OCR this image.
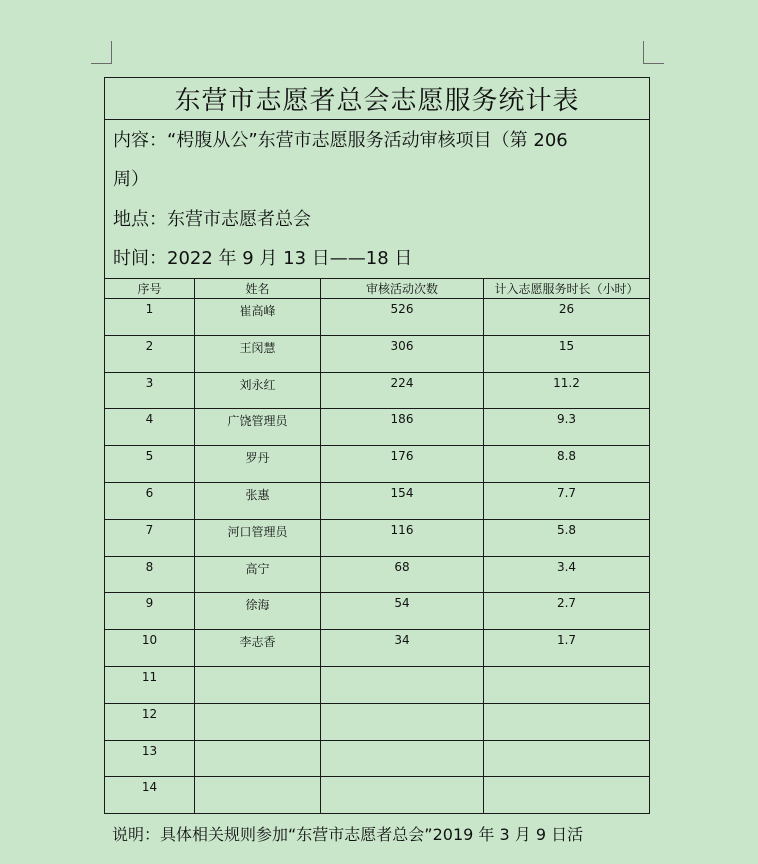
东营市志愿者总会志愿服务统计表
内容：“枵腹从公”东营市志愿服务活动审核项目（第 206
周）
地点：东营市志愿者总会
时间：2022 年 9 月 13 日——18 日
序号	姓名	审核活动次数	计入志愿服务时长（小时）
1	崔高峰	526	26
2	王闵慧	306	15
3	刘永红	224	11.2
4	广饶管理员	186	9.3
5	罗丹	176	8.8
6	张惠	154	7.7
7	河口管理员	116	5.8
8	高宁	68	3.4
9	徐海	54	2.7
10	李志香	34	1.7
11
12
13
14
说明：具体相关规则参加“东营市志愿者总会”2019 年 3 月 9 日活
